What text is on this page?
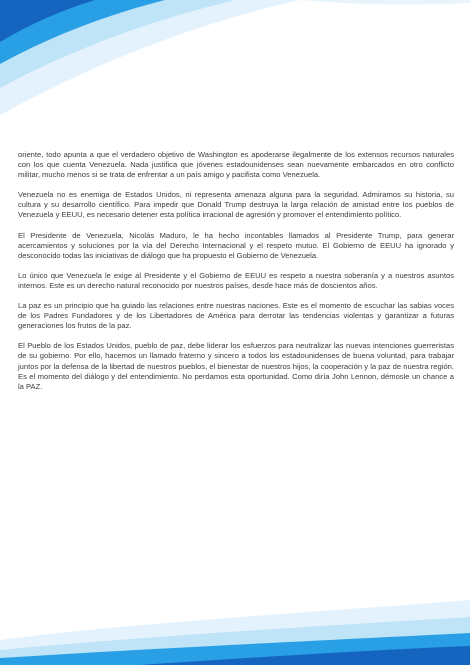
oriente, todo apunta a que el verdadero objetivo de Washington es apoderarse ilegalmente de los extensos recursos naturales con los que cuenta Venezuela. Nada justifica que jóvenes estadounidenses sean nuevamente embarcados en otro conflicto militar, mucho menos si se trata de enfrentar a un país amigo y pacifista como Venezuela.

Venezuela no es enemiga de Estados Unidos, ni representa amenaza alguna para la seguridad. Admiramos su historia, su cultura y su desarrollo científico. Para impedir que Donald Trump destruya la larga relación de amistad entre los pueblos de Venezuela y EEUU, es necesario detener esta política irracional de agresión y promover el entendimiento político.

El Presidente de Venezuela, Nicolás Maduro, le ha hecho incontables llamados al Presidente Trump, para generar acercamientos y soluciones por la vía del Derecho Internacional y el respeto mutuo. El Gobierno de EEUU ha ignorado y desconocido todas las iniciativas de diálogo que ha propuesto el Gobierno de Venezuela.

Lo único que Venezuela le exige al Presidente y el Gobierno de EEUU es respeto a nuestra soberanía y a nuestros asuntos internos. Este es un derecho natural reconocido por nuestros países, desde hace más de doscientos años.

La paz es un principio que ha guiado las relaciones entre nuestras naciones. Este es el momento de escuchar las sabias voces de los Padres Fundadores y de los Libertadores de América para derrotar las tendencias violentas y garantizar a futuras generaciones los frutos de la paz.

El Pueblo de los Estados Unidos, pueblo de paz, debe liderar los esfuerzos para neutralizar las nuevas intenciones guerreristas de su gobierno. Por ello, hacemos un llamado fraterno y sincero a todos los estadounidenses de buena voluntad, para trabajar juntos por la defensa de la libertad de nuestros pueblos, el bienestar de nuestros hijos, la cooperación y la paz de nuestra región. Es el momento del diálogo y del entendimiento. No perdamos esta oportunidad. Como diría John Lennon, démosle un chance a la PAZ.
